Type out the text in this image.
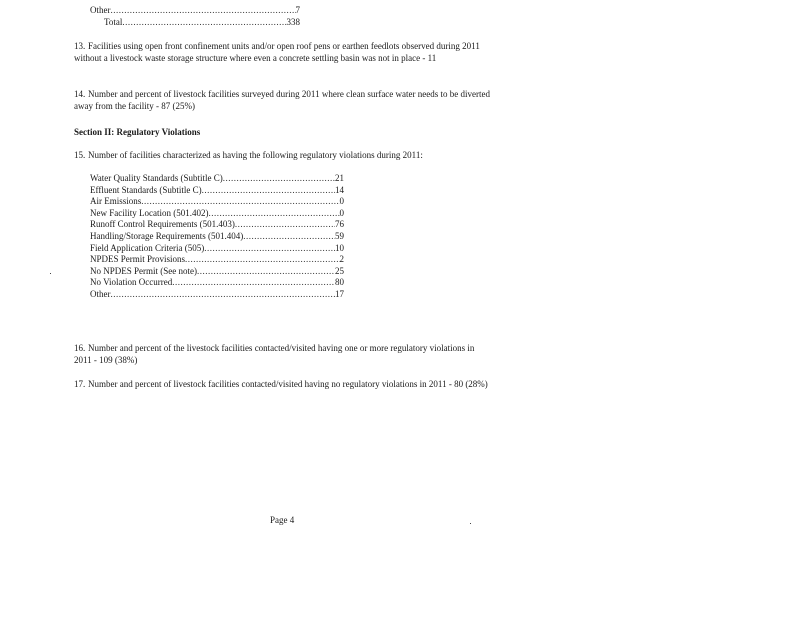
Other .....	7
Total .....	338
13. Facilities using open front confinement units and/or open roof pens or earthen feedlots observed during 2011 without a livestock waste storage structure where even a concrete settling basin was not in place - 11
14. Number and percent of livestock facilities surveyed during 2011 where clean surface water needs to be diverted away from the facility - 87 (25%)
Section II: Regulatory Violations
15. Number of facilities characterized as having the following regulatory violations during 2011:
Water Quality Standards (Subtitle C) .....	21
Effluent Standards (Subtitle C) .....	14
Air Emissions .....	0
New Facility Location (501.402) .....	0
Runoff Control Requirements (501.403) .....	76
Handling/Storage Requirements (501.404) .....	59
Field Application Criteria (505) .....	10
NPDES Permit Provisions .....	2
No NPDES Permit (See note) .....	25
No Violation Occurred .....	80
Other .....	17
16. Number and percent of the livestock facilities contacted/visited having one or more regulatory violations in 2011 - 109 (38%)
17. Number and percent of livestock facilities contacted/visited having no regulatory violations in 2011 - 80 (28%)
Page 4
